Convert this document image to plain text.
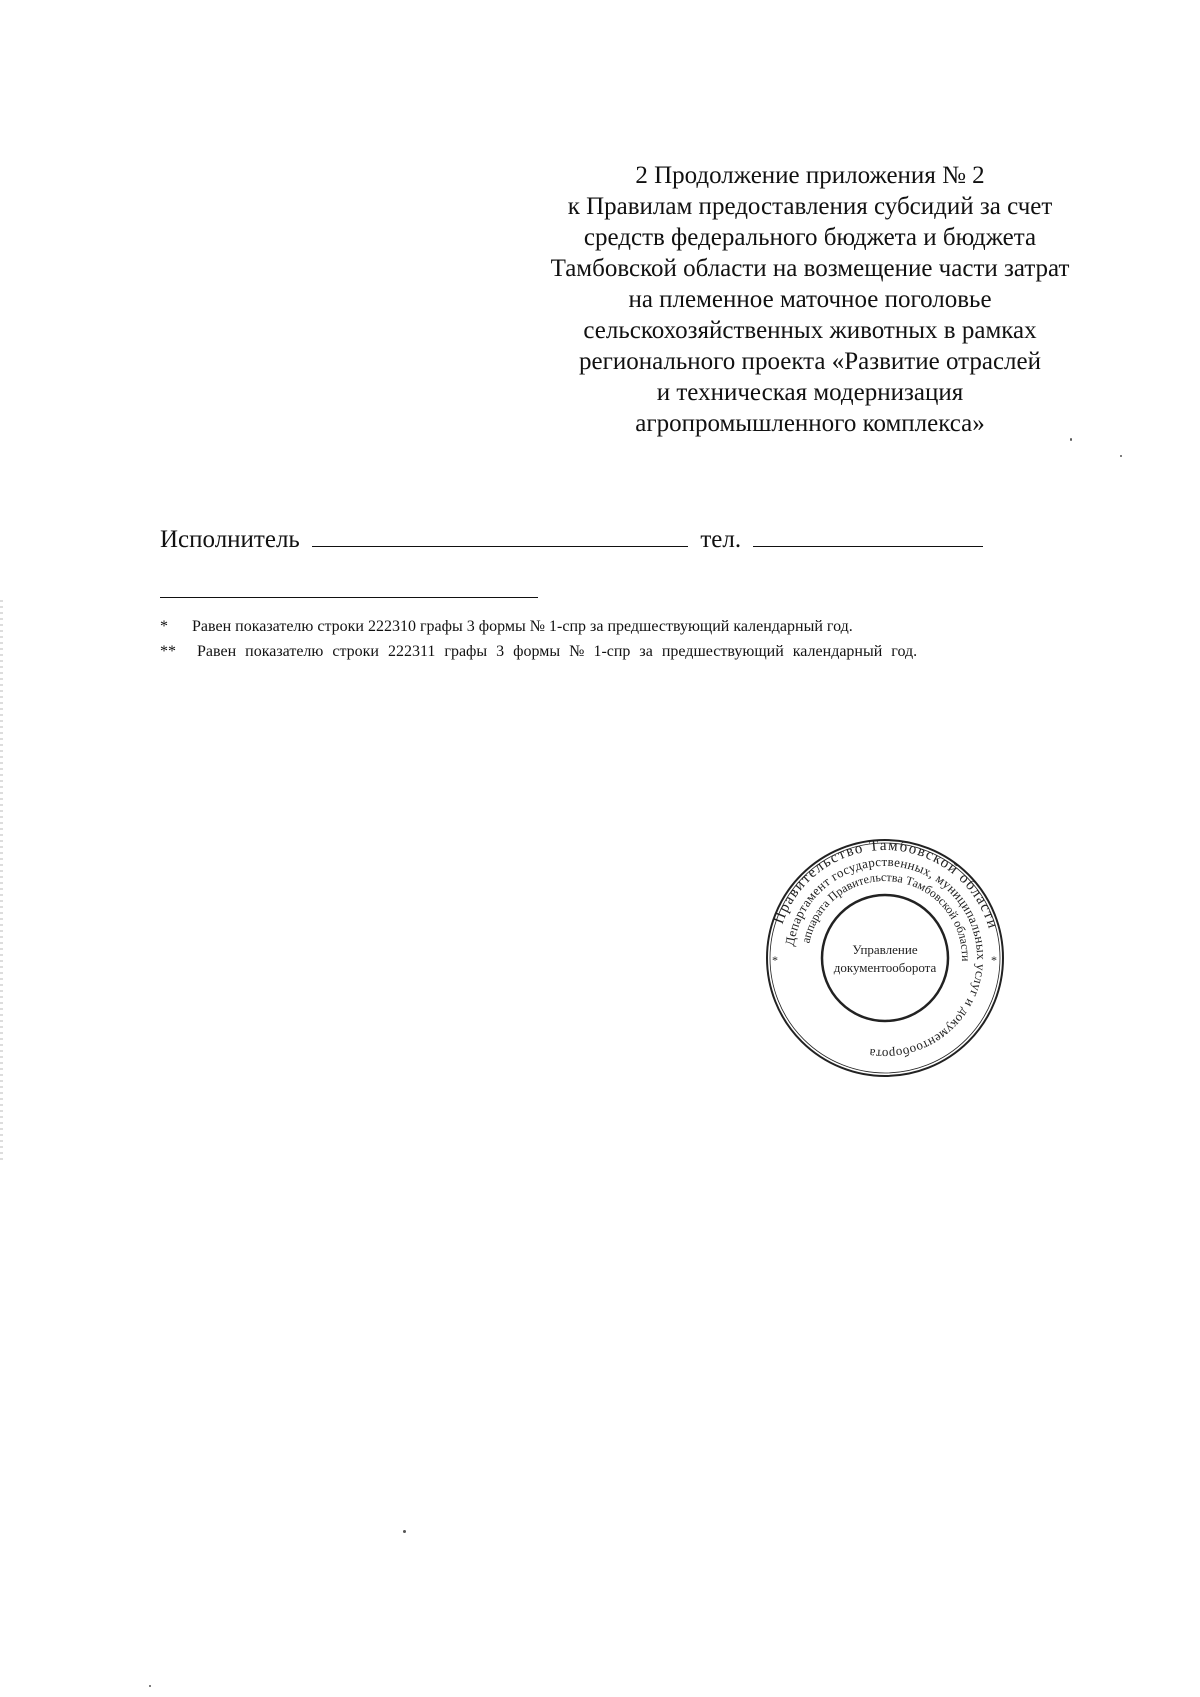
2 Продолжение приложения № 2
к Правилам предоставления субсидий за счет
средств федерального бюджета и бюджета
Тамбовской области на возмещение части затрат
на племенное маточное поголовье
сельскохозяйственных животных в рамках
регионального проекта «Развитие отраслей
и техническая модернизация
агропромышленного комплекса»
Исполнитель	тел.
* Равен показателю строки 222310 графы 3 формы № 1-спр за предшествующий календарный год.
** Равен показателю строки 222311 графы 3 формы № 1-спр за предшествующий календарный год.
Правительство Тамбовской области
Департамент государственных, муниципальных услуг и документооборота
аппарата Правительства Тамбовской области
Управление
документооборота
*	*
